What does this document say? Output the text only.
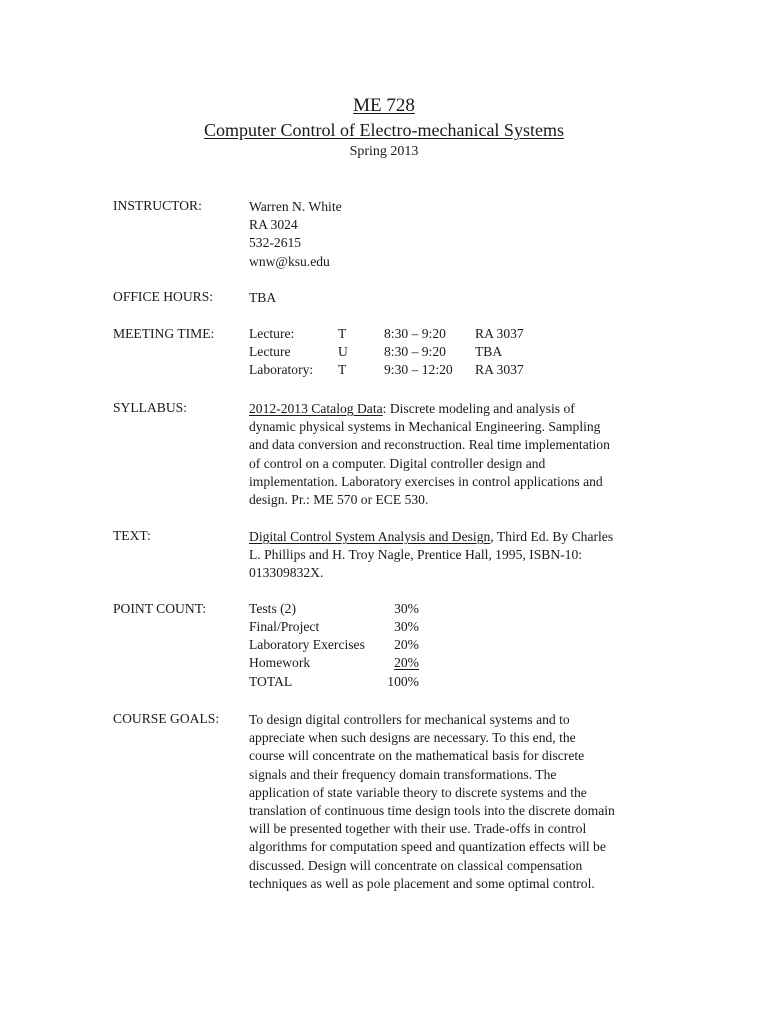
ME 728
Computer Control of Electro-mechanical Systems
Spring 2013
INSTRUCTOR:	Warren N. White
RA 3024
532-2615
wnw@ksu.edu
OFFICE HOURS:	TBA
MEETING TIME:	Lecture:	T	8:30 – 9:20 RA 3037
Lecture	U	8:30 – 9:20 TBA
Laboratory: T	9:30 – 12:20 RA 3037
SYLLABUS:	2012-2013 Catalog Data: Discrete modeling and analysis of
dynamic physical systems in Mechanical Engineering. Sampling
and data conversion and reconstruction. Real time implementation
of control on a computer. Digital controller design and
implementation. Laboratory exercises in control applications and
design. Pr.: ME 570 or ECE 530.
TEXT:	Digital Control System Analysis and Design, Third Ed. By Charles
L. Phillips and H. Troy Nagle, Prentice Hall, 1995, ISBN-10:
013309832X.
POINT COUNT:	Tests (2)	30%
Final/Project	30%
Laboratory Exercises	20%
Homework	20%
TOTAL	100%
COURSE GOALS: To design digital controllers for mechanical systems and to
appreciate when such designs are necessary. To this end, the
course will concentrate on the mathematical basis for discrete
signals and their frequency domain transformations. The
application of state variable theory to discrete systems and the
translation of continuous time design tools into the discrete domain
will be presented together with their use. Trade-offs in control
algorithms for computation speed and quantization effects will be
discussed. Design will concentrate on classical compensation
techniques as well as pole placement and some optimal control.
